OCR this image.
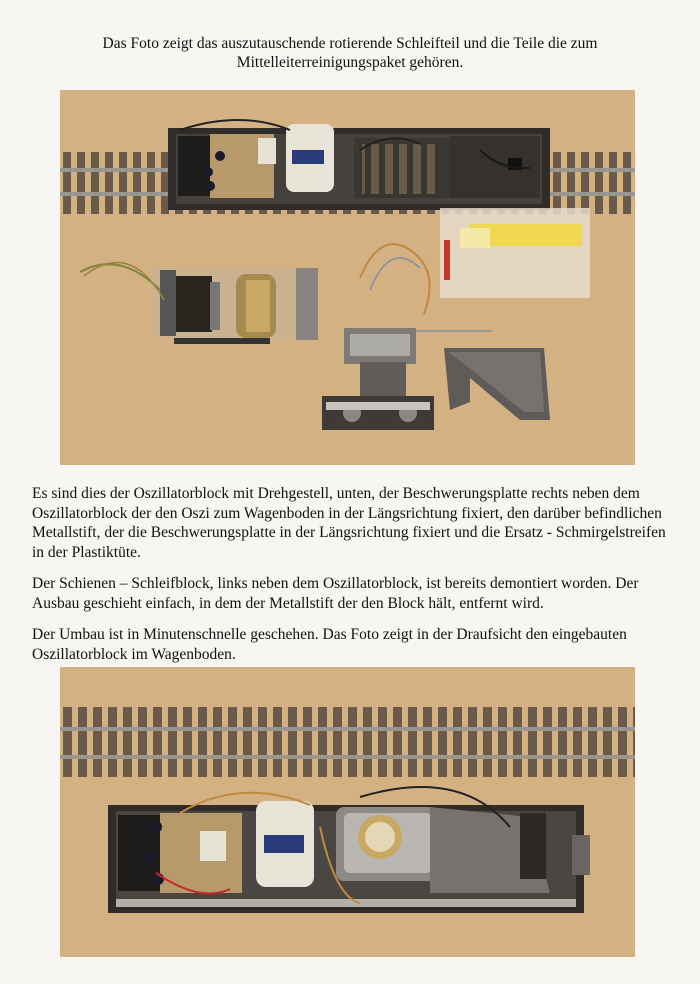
Das Foto zeigt das auszutauschende rotierende Schleifteil und die Teile die zum Mittelleiterreinigungspaket gehören.

Es sind dies der Oszillatorblock mit Drehgestell, unten, der Beschwerungsplatte rechts neben dem Oszillatorblock der den Oszi zum Wagenboden in der Längsrichtung fixiert, den darüber befindlichen Metallstift, der die Beschwerungsplatte in der Längsrichtung fixiert und die Ersatz - Schmirgelstreifen in der Plastiktüte.

Der Schienen – Schleifblock, links neben dem Oszillatorblock, ist bereits demontiert worden. Der Ausbau geschieht einfach, in dem der Metallstift der den Block hält, entfernt wird.

Der Umbau ist in Minutenschnelle geschehen. Das Foto zeigt in der Draufsicht den eingebauten Oszillatorblock im Wagenboden.
